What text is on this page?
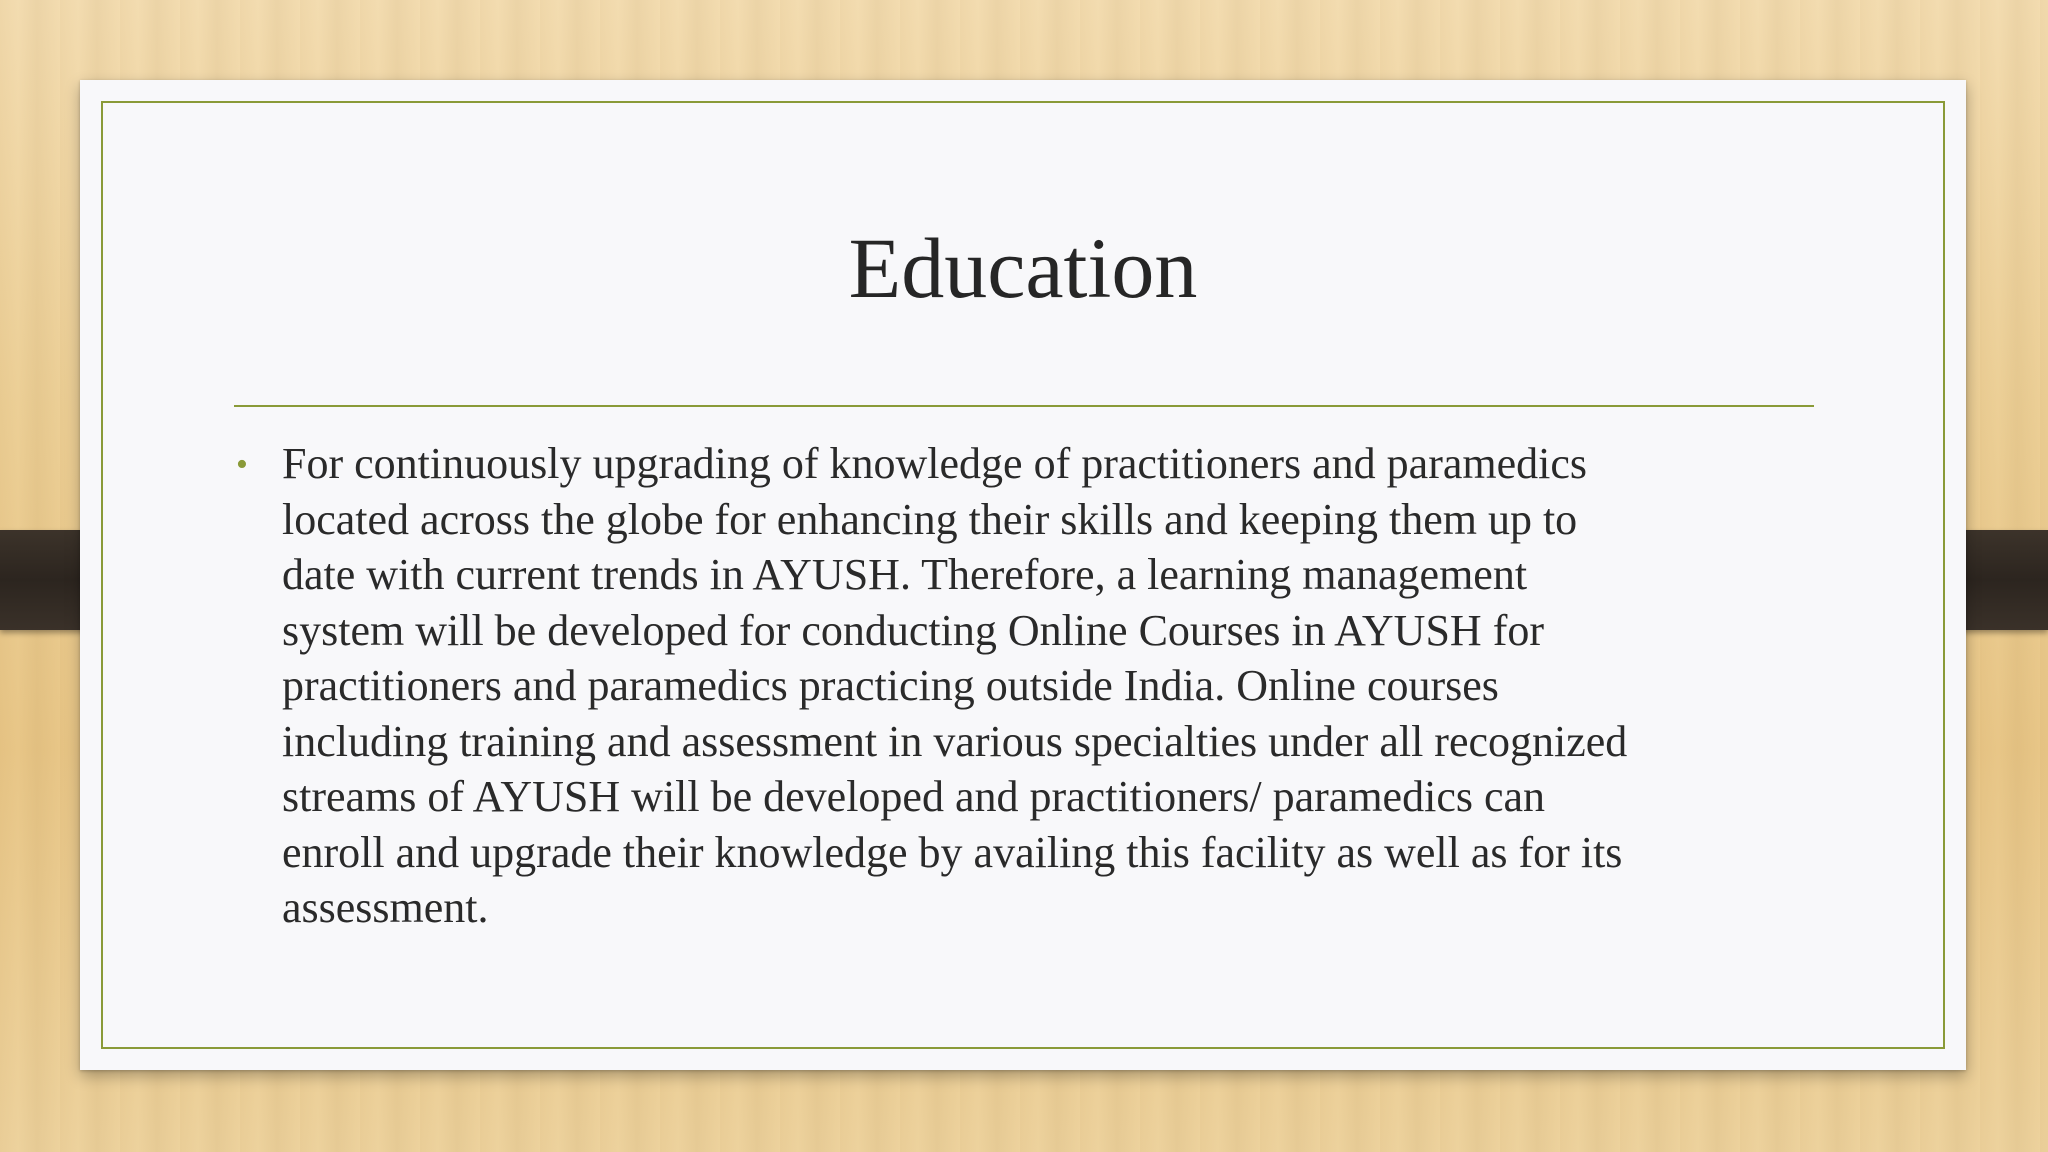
Education
• For continuously upgrading of knowledge of practitioners and paramedics
located across the globe for enhancing their skills and keeping them up to
date with current trends in AYUSH. Therefore, a learning management
system will be developed for conducting Online Courses in AYUSH for
practitioners and paramedics practicing outside India. Online courses
including training and assessment in various specialties under all recognized
streams of AYUSH will be developed and practitioners/ paramedics can
enroll and upgrade their knowledge by availing this facility as well as for its
assessment.
